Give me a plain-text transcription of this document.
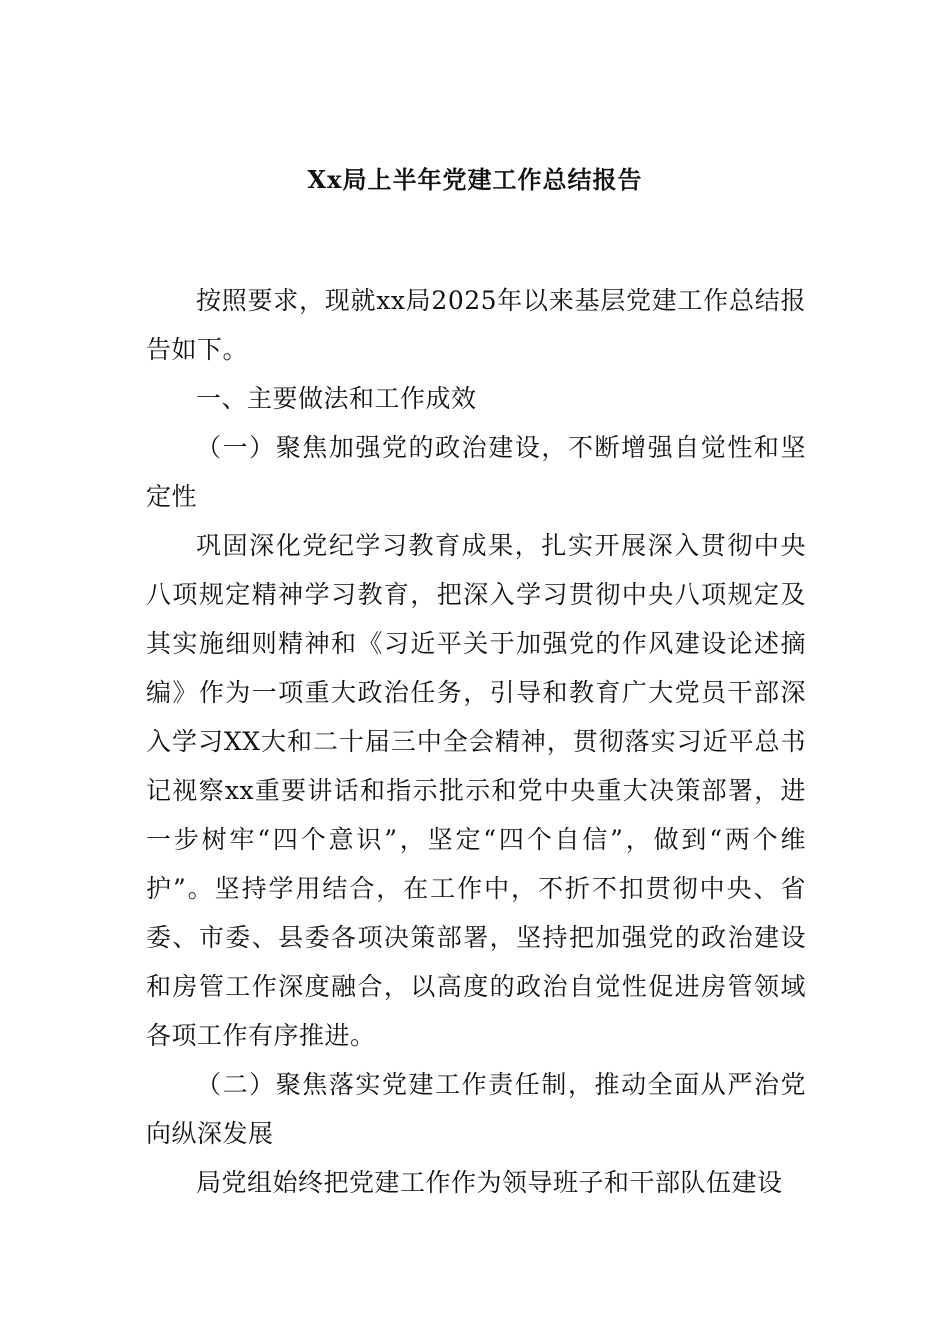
Xx局上半年党建工作总结报告

按照要求，现就xx局2025年以来基层党建工作总结报告如下。

一、主要做法和工作成效

（一）聚焦加强党的政治建设，不断增强自觉性和坚定性

巩固深化党纪学习教育成果，扎实开展深入贯彻中央八项规定精神学习教育，把深入学习贯彻中央八项规定及其实施细则精神和《习近平关于加强党的作风建设论述摘编》作为一项重大政治任务，引导和教育广大党员干部深入学习XX大和二十届三中全会精神，贯彻落实习近平总书记视察xx重要讲话和指示批示和党中央重大决策部署，进一步树牢“四个意识”，坚定“四个自信”，做到“两个维护”。坚持学用结合，在工作中，不折不扣贯彻中央、省委、市委、县委各项决策部署，坚持把加强党的政治建设和房管工作深度融合，以高度的政治自觉性促进房管领域各项工作有序推进。

（二）聚焦落实党建工作责任制，推动全面从严治党向纵深发展

局党组始终把党建工作作为领导班子和干部队伍建设
